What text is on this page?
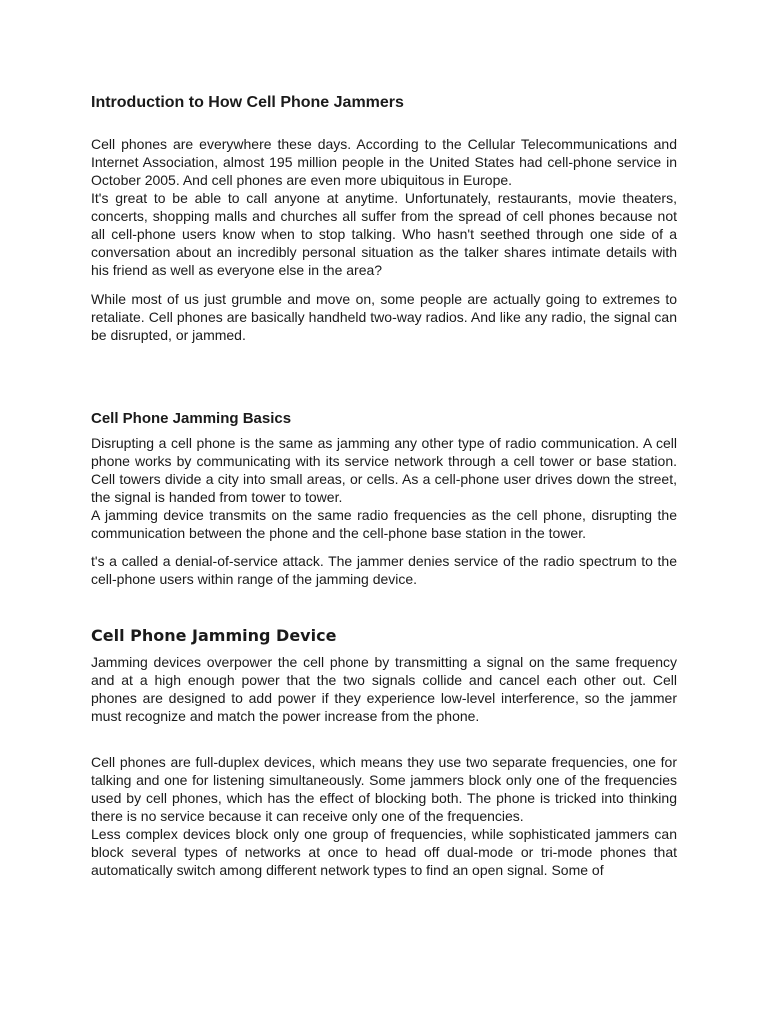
Introduction to How Cell Phone Jammers

Cell phones are everywhere these days. According to the Cellular Telecommunications and Internet Association, almost 195 million people in the United States had cell-phone service in October 2005. And cell phones are even more ubiquitous in Europe.
It's great to be able to call anyone at anytime. Unfortunately, restaurants, movie theaters, concerts, shopping malls and churches all suffer from the spread of cell phones because not all cell-phone users know when to stop talking. Who hasn't seethed through one side of a conversation about an incredibly personal situation as the talker shares intimate details with his friend as well as everyone else in the area?

While most of us just grumble and move on, some people are actually going to extremes to retaliate. Cell phones are basically handheld two-way radios. And like any radio, the signal can be disrupted, or jammed.

Cell Phone Jamming Basics

Disrupting a cell phone is the same as jamming any other type of radio communication. A cell phone works by communicating with its service network through a cell tower or base station. Cell towers divide a city into small areas, or cells. As a cell-phone user drives down the street, the signal is handed from tower to tower.
A jamming device transmits on the same radio frequencies as the cell phone, disrupting the communication between the phone and the cell-phone base station in the tower.

t's a called a denial-of-service attack. The jammer denies service of the radio spectrum to the cell-phone users within range of the jamming device.

Cell Phone Jamming Device

Jamming devices overpower the cell phone by transmitting a signal on the same frequency and at a high enough power that the two signals collide and cancel each other out. Cell phones are designed to add power if they experience low-level interference, so the jammer must recognize and match the power increase from the phone.

Cell phones are full-duplex devices, which means they use two separate frequencies, one for talking and one for listening simultaneously. Some jammers block only one of the frequencies used by cell phones, which has the effect of blocking both. The phone is tricked into thinking there is no service because it can receive only one of the frequencies.
Less complex devices block only one group of frequencies, while sophisticated jammers can block several types of networks at once to head off dual-mode or tri-mode phones that automatically switch among different network types to find an open signal. Some of
